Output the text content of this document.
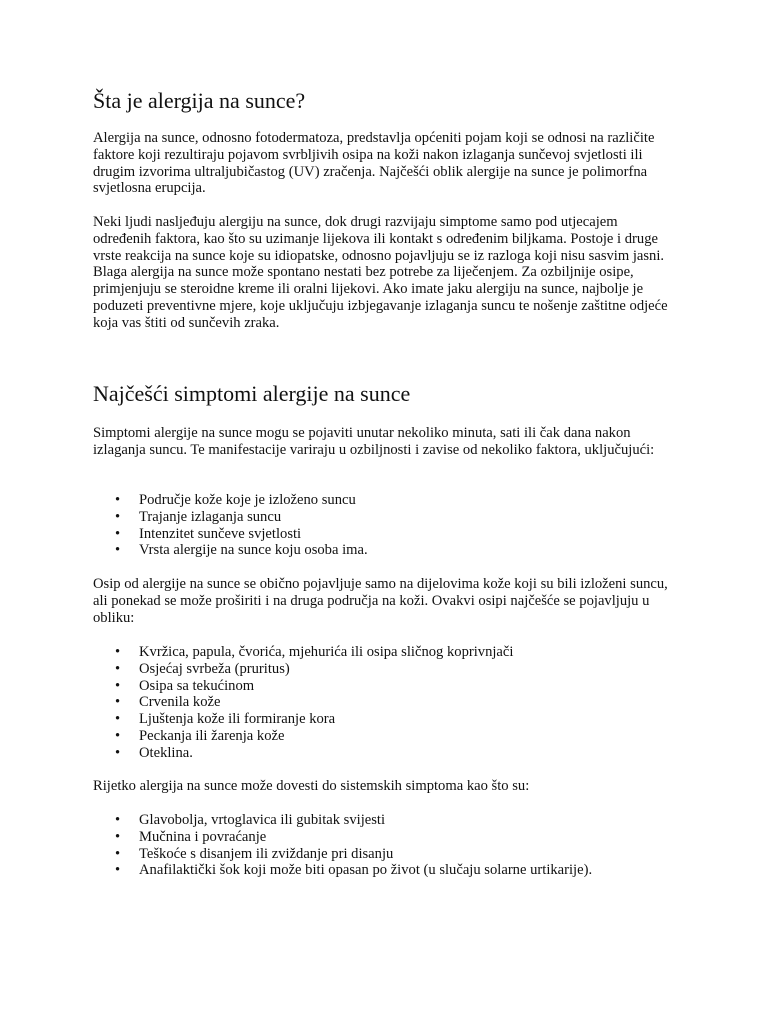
Šta je alergija na sunce?

Alergija na sunce, odnosno fotodermatoza, predstavlja općeniti pojam koji se odnosi na različite faktore koji rezultiraju pojavom svrbljivih osipa na koži nakon izlaganja sunčevoj svjetlosti ili drugim izvorima ultraljubičastog (UV) zračenja. Najčešći oblik alergije na sunce je polimorfna svjetlosna erupcija.

Neki ljudi nasljeđuju alergiju na sunce, dok drugi razvijaju simptome samo pod utjecajem određenih faktora, kao što su uzimanje lijekova ili kontakt s određenim biljkama. Postoje i druge vrste reakcija na sunce koje su idiopatske, odnosno pojavljuju se iz razloga koji nisu sasvim jasni. Blaga alergija na sunce može spontano nestati bez potrebe za liječenjem. Za ozbiljnije osipe, primjenjuju se steroidne kreme ili oralni lijekovi. Ako imate jaku alergiju na sunce, najbolje je poduzeti preventivne mjere, koje uključuju izbjegavanje izlaganja suncu te nošenje zaštitne odjeće koja vas štiti od sunčevih zraka.

Najčešći simptomi alergije na sunce

Simptomi alergije na sunce mogu se pojaviti unutar nekoliko minuta, sati ili čak dana nakon izlaganja suncu. Te manifestacije variraju u ozbiljnosti i zavise od nekoliko faktora, uključujući:

• Područje kože koje je izloženo suncu
• Trajanje izlaganja suncu
• Intenzitet sunčeve svjetlosti
• Vrsta alergije na sunce koju osoba ima.

Osip od alergije na sunce se obično pojavljuje samo na dijelovima kože koji su bili izloženi suncu, ali ponekad se može proširiti i na druga područja na koži. Ovakvi osipi najčešće se pojavljuju u obliku:

• Kvržica, papula, čvorića, mjehurića ili osipa sličnog koprivnjači
• Osjećaj svrbeža (pruritus)
• Osipa sa tekućinom
• Crvenila kože
• Ljuštenja kože ili formiranje kora
• Peckanja ili žarenja kože
• Oteklina.

Rijetko alergija na sunce može dovesti do sistemskih simptoma kao što su:

• Glavobolja, vrtoglavica ili gubitak svijesti
• Mučnina i povraćanje
• Teškoće s disanjem ili zviždanje pri disanju
• Anafilaktički šok koji može biti opasan po život (u slučaju solarne urtikarije).
